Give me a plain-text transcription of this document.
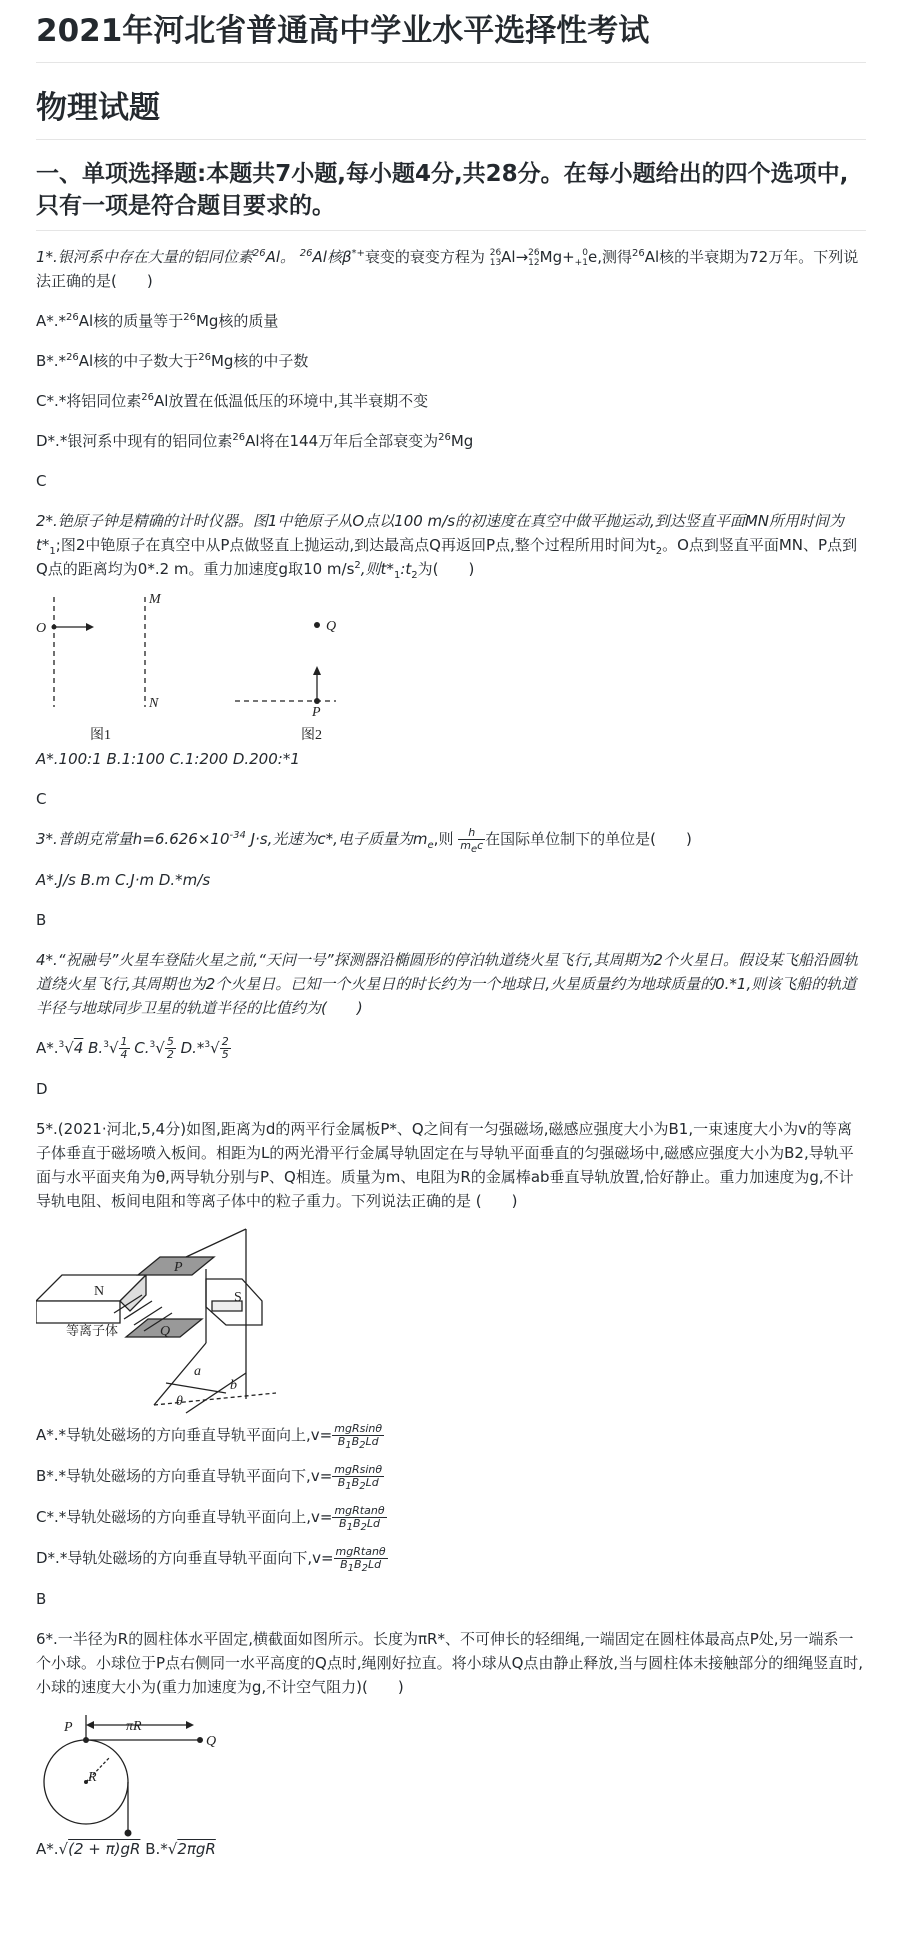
2021年河北省普通高中学业水平选择性考试
物理试题
一、单项选择题:本题共7小题,每小题4分,共28分。在每小题给出的四个选项中,只有一项是符合题目要求的。

1*.银河系中存在大量的铝同位素$^{26}$Al。 $^{26}$Al核β*+衰变的衰变方程为 26
13 Al→ 26
12 Mg+ 0
+1 e,测得$^{26}$Al核的半衰期为72万年。下列说法正确的是(　　)

A*.*$^{26}$Al核的质量等于$^{26}$Mg核的质量

B*.*$^{26}$Al核的中子数大于$^{26}$Mg核的中子数

C*.*将铝同位素$^{26}$Al放置在低温低压的环境中,其半衰期不变

D*.*银河系中现有的铝同位素$^{26}$Al将在144万年后全部衰变为$^{26}$Mg

C

2*.铯原子钟是精确的计时仪器。图1中铯原子从O点以100 m/s的初速度在真空中做平抛运动,到达竖直平面MN所用时间为$t*_1$;图2中铯原子在真空中从P点做竖直上抛运动,到达最高点Q再返回P点,整个过程所用时间为$t_2$。O点到竖直平面MN、P点到Q点的距离均为0*.2 m。重力加速度g取10 $m/s^2$,则$t*_1:t_2$为(　　)

O
M
N
Q
P
图1	图2

A*.100:1 B.1:100 C.1:200 D.200:*1

C

3*.普朗克常量$h=6.626\times 10^{-34}$ J·s,光速为c*,电子质量为$m_e$,则 $\frac{h}{m_ec}$ 在国际单位制下的单位是(　　)

A*.J/s B.m C.J·m D.*m/s

B

4*.“祝融号”火星车登陆火星之前,“天问一号”探测器沿椭圆形的停泊轨道绕火星飞行,其周期为2个火星日。假设某飞船沿圆轨道绕火星飞行,其周期也为2个火星日。已知一个火星日的时长约为一个地球日,火星质量约为地球质量的0.*1,则该飞船的轨道半径与地球同步卫星的轨道半径的比值约为(　　)

A*.$^3$√4 $B.^3√ \frac{1}{4} C.^3√ \frac{5}{2} D.*^3√ \frac{2}{5}$

D

5*.(2021·河北,5,4分)如图,距离为d的两平行金属板P*、Q之间有一匀强磁场,磁感应强度大小为B1,一束速度大小为v的等离子体垂直于磁场喷入板间。相距为L的两光滑平行金属导轨固定在与导轨平面垂直的匀强磁场中,磁感应强度大小为B2,导轨平面与水平面夹角为θ,两导轨分别与P、Q相连。质量为m、电阻为R的金属棒ab垂直导轨放置,恰好静止。重力加速度为g,不计导轨电阻、板间电阻和等离子体中的粒子重力。下列说法正确的是 (　　)

N
P
S
Q
等离子体
a
b
θ

A*.*导轨处磁场的方向垂直导轨平面向上$,v= \frac{\text{mgRsinθ}}{B_1B_2Ld}$

B*.*导轨处磁场的方向垂直导轨平面向下$,v= \frac{\text{mgRsinθ}}{B_1B_2Ld}$

C*.*导轨处磁场的方向垂直导轨平面向上$,v= \frac{\text{mgRtanθ}}{B_1B_2Ld}$

D*.*导轨处磁场的方向垂直导轨平面向下$,v= \frac{\text{mgRtanθ}}{B_1B_2Ld}$

B

6*.一半径为R的圆柱体水平固定,横截面如图所示。长度为πR*、不可伸长的轻细绳,一端固定在圆柱体最高点P处,另一端系一个小球。小球位于P点右侧同一水平高度的Q点时,绳刚好拉直。将小球从Q点由静止释放,当与圆柱体未接触部分的细绳竖直时,小球的速度大小为(重力加速度为g,不计空气阻力)(　　)

P	πR
Q
R

A*.√(2 + π)gR B.*√2πgR
